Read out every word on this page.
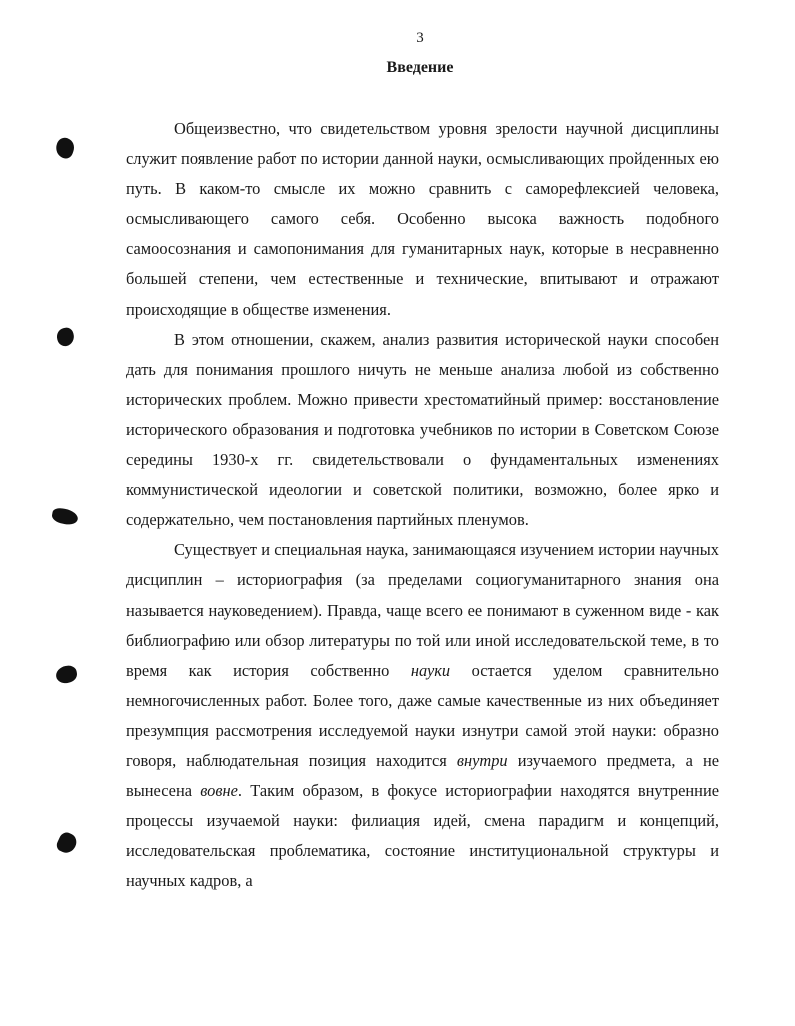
3
Введение

Общеизвестно, что свидетельством уровня зрелости научной дисциплины служит появление работ по истории данной науки, осмысливающих пройденных ею путь. В каком-то смысле их можно сравнить с саморефлексией человека, осмысливающего самого себя. Особенно высока важность подобного самоосознания и самопонимания для гуманитарных наук, которые в несравненно большей степени, чем естественные и технические, впитывают и отражают происходящие в обществе изменения.

В этом отношении, скажем, анализ развития исторической науки способен дать для понимания прошлого ничуть не меньше анализа любой из собственно исторических проблем. Можно привести хрестоматийный пример: восстановление исторического образования и подготовка учебников по истории в Советском Союзе середины 1930-х гг. свидетельствовали о фундаментальных изменениях коммунистической идеологии и советской политики, возможно, более ярко и содержательно, чем постановления партийных пленумов.

Существует и специальная наука, занимающаяся изучением истории научных дисциплин – историография (за пределами социогуманитарного знания она называется науковедением). Правда, чаще всего ее понимают в суженном виде - как библиографию или обзор литературы по той или иной исследовательской теме, в то время как история собственно науки остается уделом сравнительно немногочисленных работ. Более того, даже самые качественные из них объединяет презумпция рассмотрения исследуемой науки изнутри самой этой науки: образно говоря, наблюдательная позиция находится внутри изучаемого предмета, а не вынесена вовне. Таким образом, в фокусе историографии находятся внутренние процессы изучаемой науки: филиация идей, смена парадигм и концепций, исследовательская проблематика, состояние институциональной структуры и научных кадров, а
